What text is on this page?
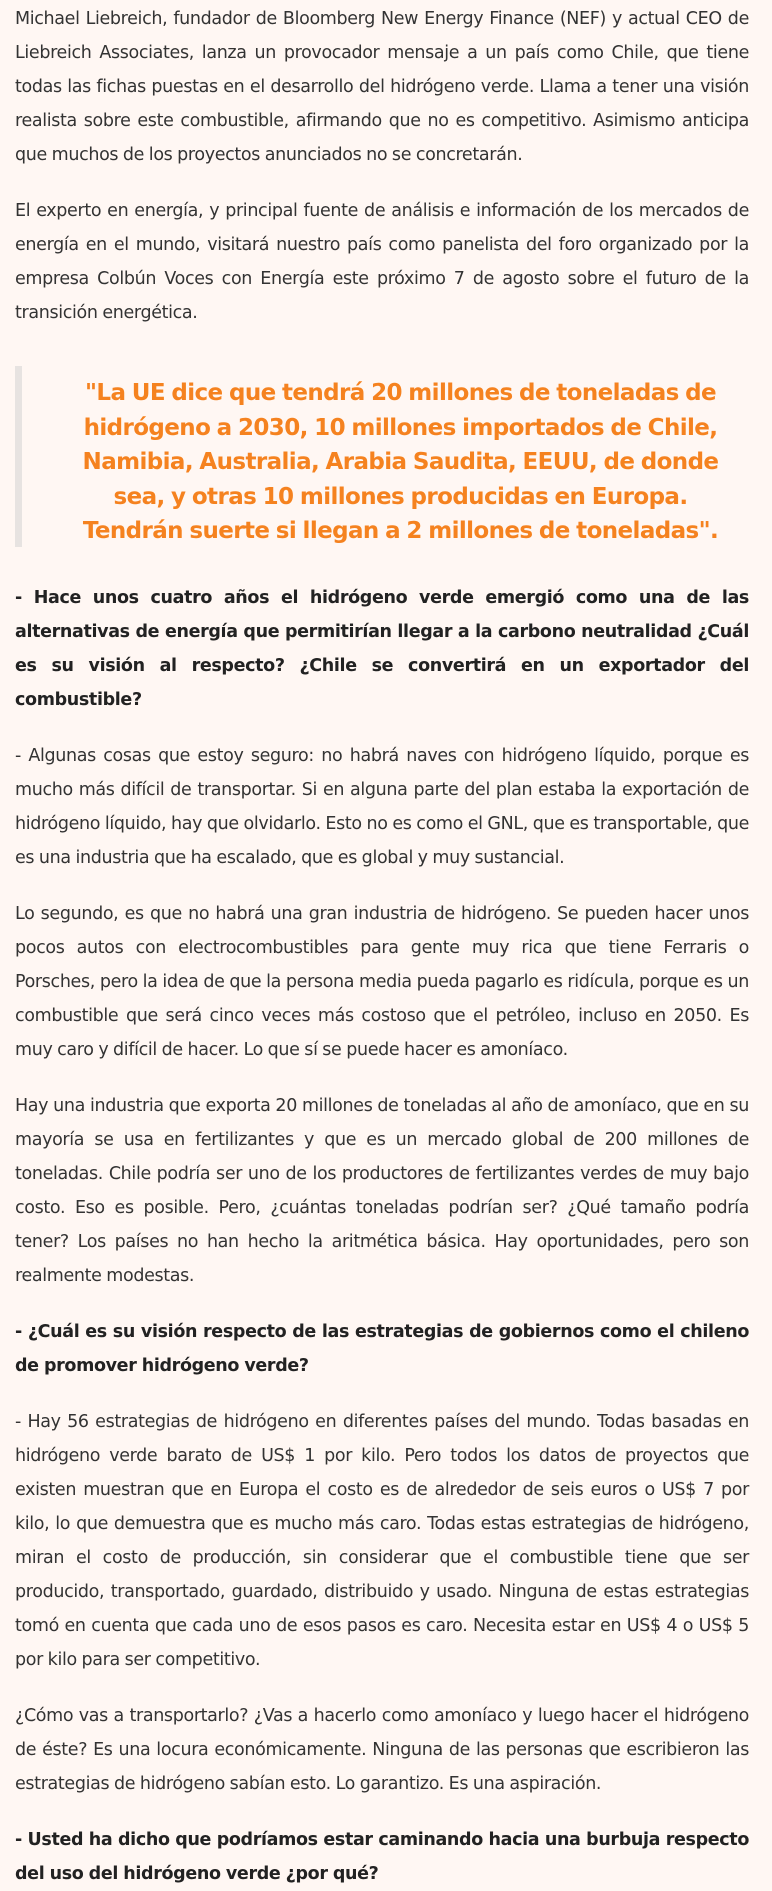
Michael Liebreich, fundador de Bloomberg New Energy Finance (NEF) y actual CEO de Liebreich Associates, lanza un provocador mensaje a un país como Chile, que tiene todas las fichas puestas en el desarrollo del hidrógeno verde. Llama a tener una visión realista sobre este combustible, afirmando que no es competitivo. Asimismo anticipa que muchos de los proyectos anunciados no se concretarán.

El experto en energía, y principal fuente de análisis e información de los mercados de energía en el mundo, visitará nuestro país como panelista del foro organizado por la empresa Colbún Voces con Energía este próximo 7 de agosto sobre el futuro de la transición energética.

"La UE dice que tendrá 20 millones de toneladas de hidrógeno a 2030, 10 millones importados de Chile, Namibia, Australia, Arabia Saudita, EEUU, de donde sea, y otras 10 millones producidas en Europa. Tendrán suerte si llegan a 2 millones de toneladas".

- Hace unos cuatro años el hidrógeno verde emergió como una de las alternativas de energía que permitirían llegar a la carbono neutralidad ¿Cuál es su visión al respecto? ¿Chile se convertirá en un exportador del combustible?

- Algunas cosas que estoy seguro: no habrá naves con hidrógeno líquido, porque es mucho más difícil de transportar. Si en alguna parte del plan estaba la exportación de hidrógeno líquido, hay que olvidarlo. Esto no es como el GNL, que es transportable, que es una industria que ha escalado, que es global y muy sustancial.

Lo segundo, es que no habrá una gran industria de hidrógeno. Se pueden hacer unos pocos autos con electrocombustibles para gente muy rica que tiene Ferraris o Porsches, pero la idea de que la persona media pueda pagarlo es ridícula, porque es un combustible que será cinco veces más costoso que el petróleo, incluso en 2050. Es muy caro y difícil de hacer. Lo que sí se puede hacer es amoníaco.

Hay una industria que exporta 20 millones de toneladas al año de amoníaco, que en su mayoría se usa en fertilizantes y que es un mercado global de 200 millones de toneladas. Chile podría ser uno de los productores de fertilizantes verdes de muy bajo costo. Eso es posible. Pero, ¿cuántas toneladas podrían ser? ¿Qué tamaño podría tener? Los países no han hecho la aritmética básica. Hay oportunidades, pero son realmente modestas.

- ¿Cuál es su visión respecto de las estrategias de gobiernos como el chileno de promover hidrógeno verde?

- Hay 56 estrategias de hidrógeno en diferentes países del mundo. Todas basadas en hidrógeno verde barato de US$ 1 por kilo. Pero todos los datos de proyectos que existen muestran que en Europa el costo es de alrededor de seis euros o US$ 7 por kilo, lo que demuestra que es mucho más caro. Todas estas estrategias de hidrógeno, miran el costo de producción, sin considerar que el combustible tiene que ser producido, transportado, guardado, distribuido y usado. Ninguna de estas estrategias tomó en cuenta que cada uno de esos pasos es caro. Necesita estar en US$ 4 o US$ 5 por kilo para ser competitivo.

¿Cómo vas a transportarlo? ¿Vas a hacerlo como amoníaco y luego hacer el hidrógeno de éste? Es una locura económicamente. Ninguna de las personas que escribieron las estrategias de hidrógeno sabían esto. Lo garantizo. Es una aspiración.

- Usted ha dicho que podríamos estar caminando hacia una burbuja respecto del uso del hidrógeno verde ¿por qué?
